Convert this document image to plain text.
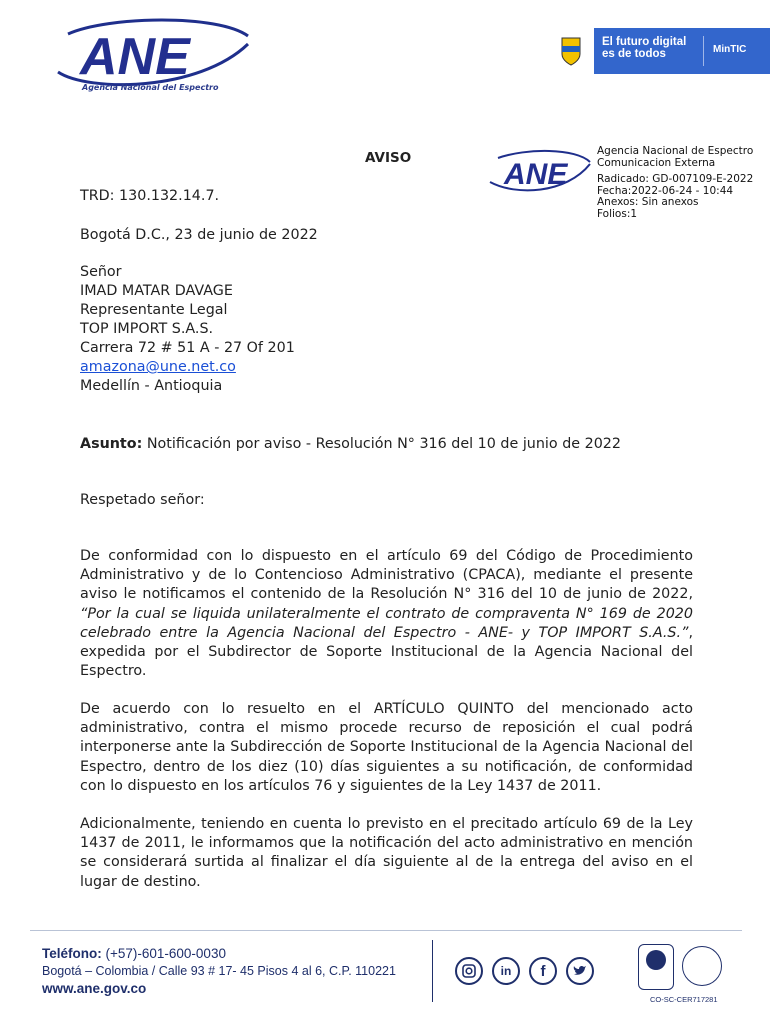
ANE
Agencia Nacional del Espectro
El futuro digital
es de todos	MinTIC
AVISO	ANE
Agencia Nacional de Espectro
Comunicacion Externa
Radicado: GD-007109-E-2022
Fecha:2022-06-24 - 10:44
Anexos: Sin anexos
Folios:1
TRD: 130.132.14.7.
Bogotá D.C., 23 de junio de 2022
Señor
IMAD MATAR DAVAGE
Representante Legal
TOP IMPORT S.A.S.
Carrera 72 # 51 A - 27 Of 201
amazona@une.net.co
Medellín - Antioquia
Asunto: Notificación por aviso - Resolución N° 316 del 10 de junio de 2022
Respetado señor:
De conformidad con lo dispuesto en el artículo 69 del Código de Procedimiento Administrativo y de lo Contencioso Administrativo (CPACA), mediante el presente aviso le notificamos el contenido de la Resolución N° 316 del 10 de junio de 2022, “Por la cual se liquida unilateralmente el contrato de compraventa N° 169 de 2020 celebrado entre la Agencia Nacional del Espectro - ANE- y TOP IMPORT S.A.S.”, expedida por el Subdirector de Soporte Institucional de la Agencia Nacional del Espectro.
De acuerdo con lo resuelto en el ARTÍCULO QUINTO del mencionado acto administrativo, contra el mismo procede recurso de reposición el cual podrá interponerse ante la Subdirección de Soporte Institucional de la Agencia Nacional del Espectro, dentro de los diez (10) días siguientes a su notificación, de conformidad con lo dispuesto en los artículos 76 y siguientes de la Ley 1437 de 2011.
Adicionalmente, teniendo en cuenta lo previsto en el precitado artículo 69 de la Ley 1437 de 2011, le informamos que la notificación del acto administrativo en mención se considerará surtida al finalizar el día siguiente al de la entrega del aviso en el lugar de destino.
Teléfono: (+57)-601-600-0030
Bogotá – Colombia / Calle 93 # 17- 45 Pisos 4 al 6, C.P. 110221
www.ane.gov.co
in	f
CO-SC-CER717281
